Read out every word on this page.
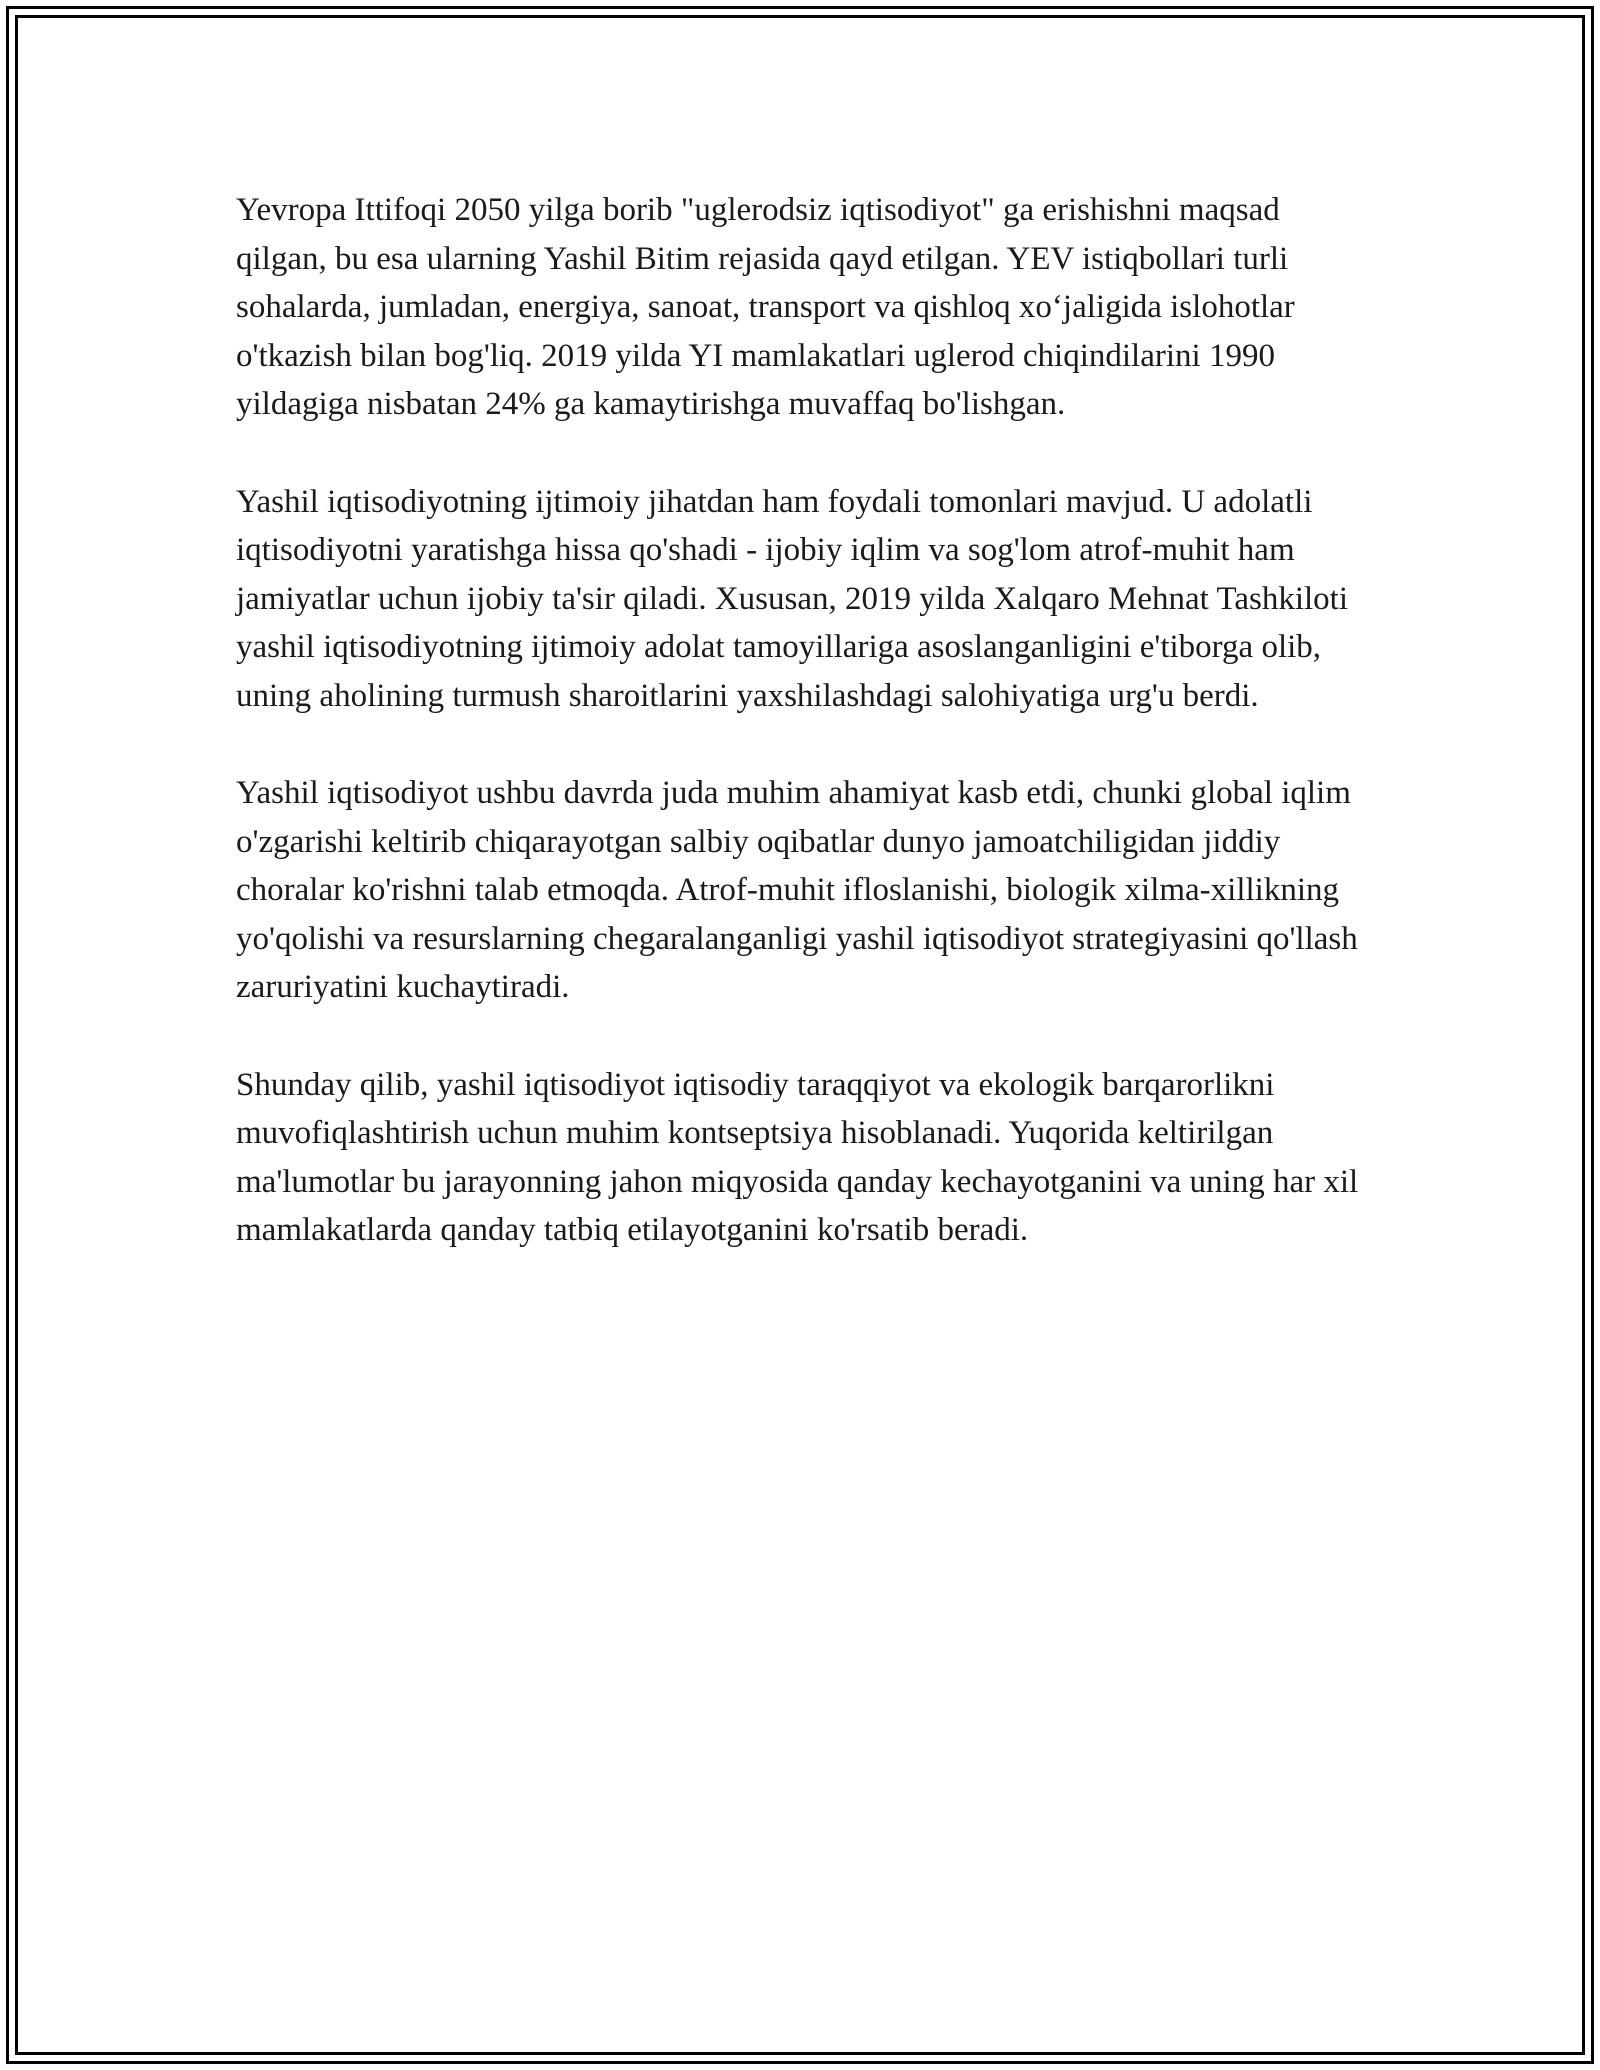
Yevropa Ittifoqi 2050 yilga borib "uglerodsiz iqtisodiyot" ga erishishni maqsad qilgan, bu esa ularning Yashil Bitim rejasida qayd etilgan. YEV istiqbollari turli sohalarda, jumladan, energiya, sanoat, transport va qishloq xo‘jaligida islohotlar o'tkazish bilan bog'liq. 2019 yilda YI mamlakatlari uglerod chiqindilarini 1990 yildagiga nisbatan 24% ga kamaytirishga muvaffaq bo'lishgan.

Yashil iqtisodiyotning ijtimoiy jihatdan ham foydali tomonlari mavjud. U adolatli iqtisodiyotni yaratishga hissa qo'shadi - ijobiy iqlim va sog'lom atrof-muhit ham jamiyatlar uchun ijobiy ta'sir qiladi. Xususan, 2019 yilda Xalqaro Mehnat Tashkiloti yashil iqtisodiyotning ijtimoiy adolat tamoyillariga asoslanganligini e'tiborga olib, uning aholining turmush sharoitlarini yaxshilashdagi salohiyatiga urg'u berdi.

Yashil iqtisodiyot ushbu davrda juda muhim ahamiyat kasb etdi, chunki global iqlim o'zgarishi keltirib chiqarayotgan salbiy oqibatlar dunyo jamoatchiligidan jiddiy choralar ko'rishni talab etmoqda. Atrof-muhit ifloslanishi, biologik xilma-xillikning yo'qolishi va resurslarning chegaralanganligi yashil iqtisodiyot strategiyasini qo'llash zaruriyatini kuchaytiradi.

Shunday qilib, yashil iqtisodiyot iqtisodiy taraqqiyot va ekologik barqarorlikni muvofiqlashtirish uchun muhim kontseptsiya hisoblanadi. Yuqorida keltirilgan ma'lumotlar bu jarayonning jahon miqyosida qanday kechayotganini va uning har xil mamlakatlarda qanday tatbiq etilayotganini ko'rsatib beradi.
